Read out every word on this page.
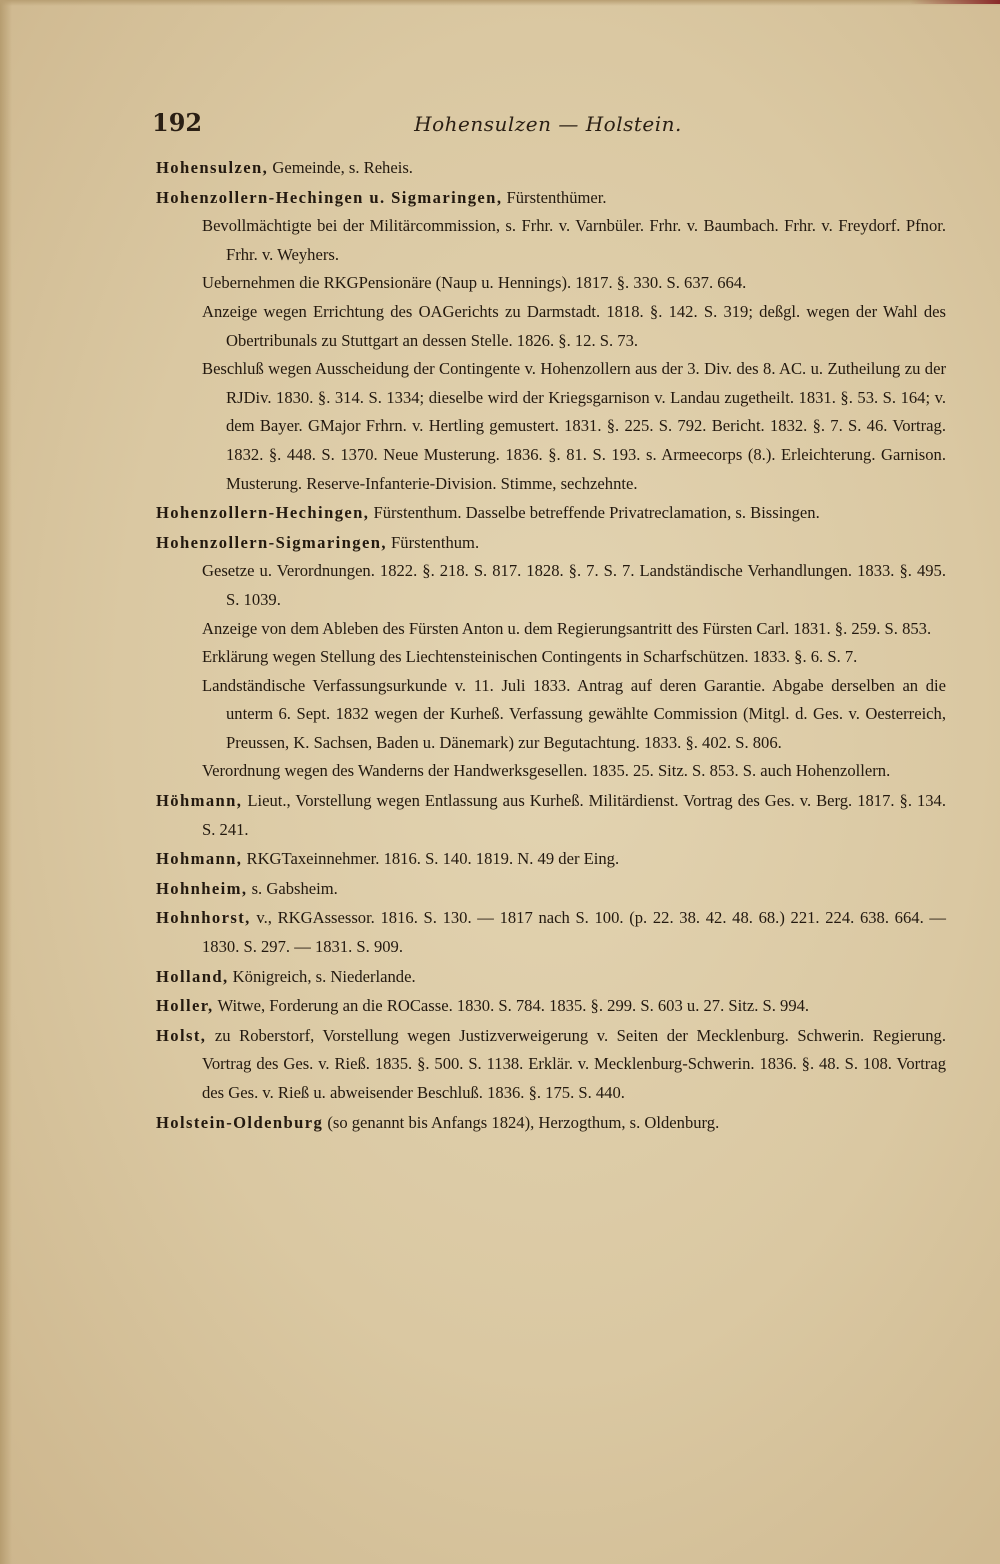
192	Hohensulzen — Holstein.
Hohensulzen, Gemeinde, s. Reheis.
Hohenzollern-Hechingen u. Sigmaringen, Fürstenthümer.
Bevollmächtigte bei der Militärcommission, s. Frhr. v. Varnbüler. Frhr. v. Baumbach. Frhr. v. Freydorf. Pfnor. Frhr. v. Weyhers.
Uebernehmen die RKGPensionäre (Naup u. Hennings). 1817. §. 330. S. 637. 664.
Anzeige wegen Errichtung des OAGerichts zu Darmstadt. 1818. §. 142. S. 319; deßgl. wegen der Wahl des Obertribunals zu Stuttgart an dessen Stelle. 1826. §. 12. S. 73.
Beschluß wegen Ausscheidung der Contingente v. Hohenzollern aus der 3. Div. des 8. AC. u. Zutheilung zu der RJDiv. 1830. §. 314. S. 1334; dieselbe wird der Kriegsgarnison v. Landau zugetheilt. 1831. §. 53. S. 164; v. dem Bayer. GMajor Frhrn. v. Hertling gemustert. 1831. §. 225. S. 792. Bericht. 1832. §. 7. S. 46. Vortrag. 1832. §. 448. S. 1370. Neue Musterung. 1836. §. 81. S. 193. s. Armeecorps (8.). Erleichterung. Garnison. Musterung. Reserve-Infanterie-Division. Stimme, sechzehnte.
Hohenzollern-Hechingen, Fürstenthum. Dasselbe betreffende Privatreclamation, s. Bissingen.
Hohenzollern-Sigmaringen, Fürstenthum.
Gesetze u. Verordnungen. 1822. §. 218. S. 817. 1828. §. 7. S. 7. Landständische Verhandlungen. 1833. §. 495. S. 1039.
Anzeige von dem Ableben des Fürsten Anton u. dem Regierungsantritt des Fürsten Carl. 1831. §. 259. S. 853.
Erklärung wegen Stellung des Liechtensteinischen Contingents in Scharfschützen. 1833. §. 6. S. 7.
Landständische Verfassungsurkunde v. 11. Juli 1833. Antrag auf deren Garantie. Abgabe derselben an die unterm 6. Sept. 1832 wegen der Kurheß. Verfassung gewählte Commission (Mitgl. d. Ges. v. Oesterreich, Preussen, K. Sachsen, Baden u. Dänemark) zur Begutachtung. 1833. §. 402. S. 806.
Verordnung wegen des Wanderns der Handwerksgesellen. 1835. 25. Sitz. S. 853. S. auch Hohenzollern.
Höhmann, Lieut., Vorstellung wegen Entlassung aus Kurheß. Militärdienst. Vortrag des Ges. v. Berg. 1817. §. 134. S. 241.
Hohmann, RKGTaxeinnehmer. 1816. S. 140. 1819. N. 49 der Eing.
Hohnheim, s. Gabsheim.
Hohnhorst, v., RKGAssessor. 1816. S. 130. — 1817 nach S. 100. (p. 22. 38. 42. 48. 68.) 221. 224. 638. 664. — 1830. S. 297. — 1831. S. 909.
Holland, Königreich, s. Niederlande.
Holler, Witwe, Forderung an die ROCasse. 1830. S. 784. 1835. §. 299. S. 603 u. 27. Sitz. S. 994.
Holst, zu Roberstorf, Vorstellung wegen Justizverweigerung v. Seiten der Mecklenburg. Schwerin. Regierung. Vortrag des Ges. v. Rieß. 1835. §. 500. S. 1138. Erklär. v. Mecklenburg-Schwerin. 1836. §. 48. S. 108. Vortrag des Ges. v. Rieß u. abweisender Beschluß. 1836. §. 175. S. 440.
Holstein-Oldenburg (so genannt bis Anfangs 1824), Herzogthum, s. Oldenburg.
